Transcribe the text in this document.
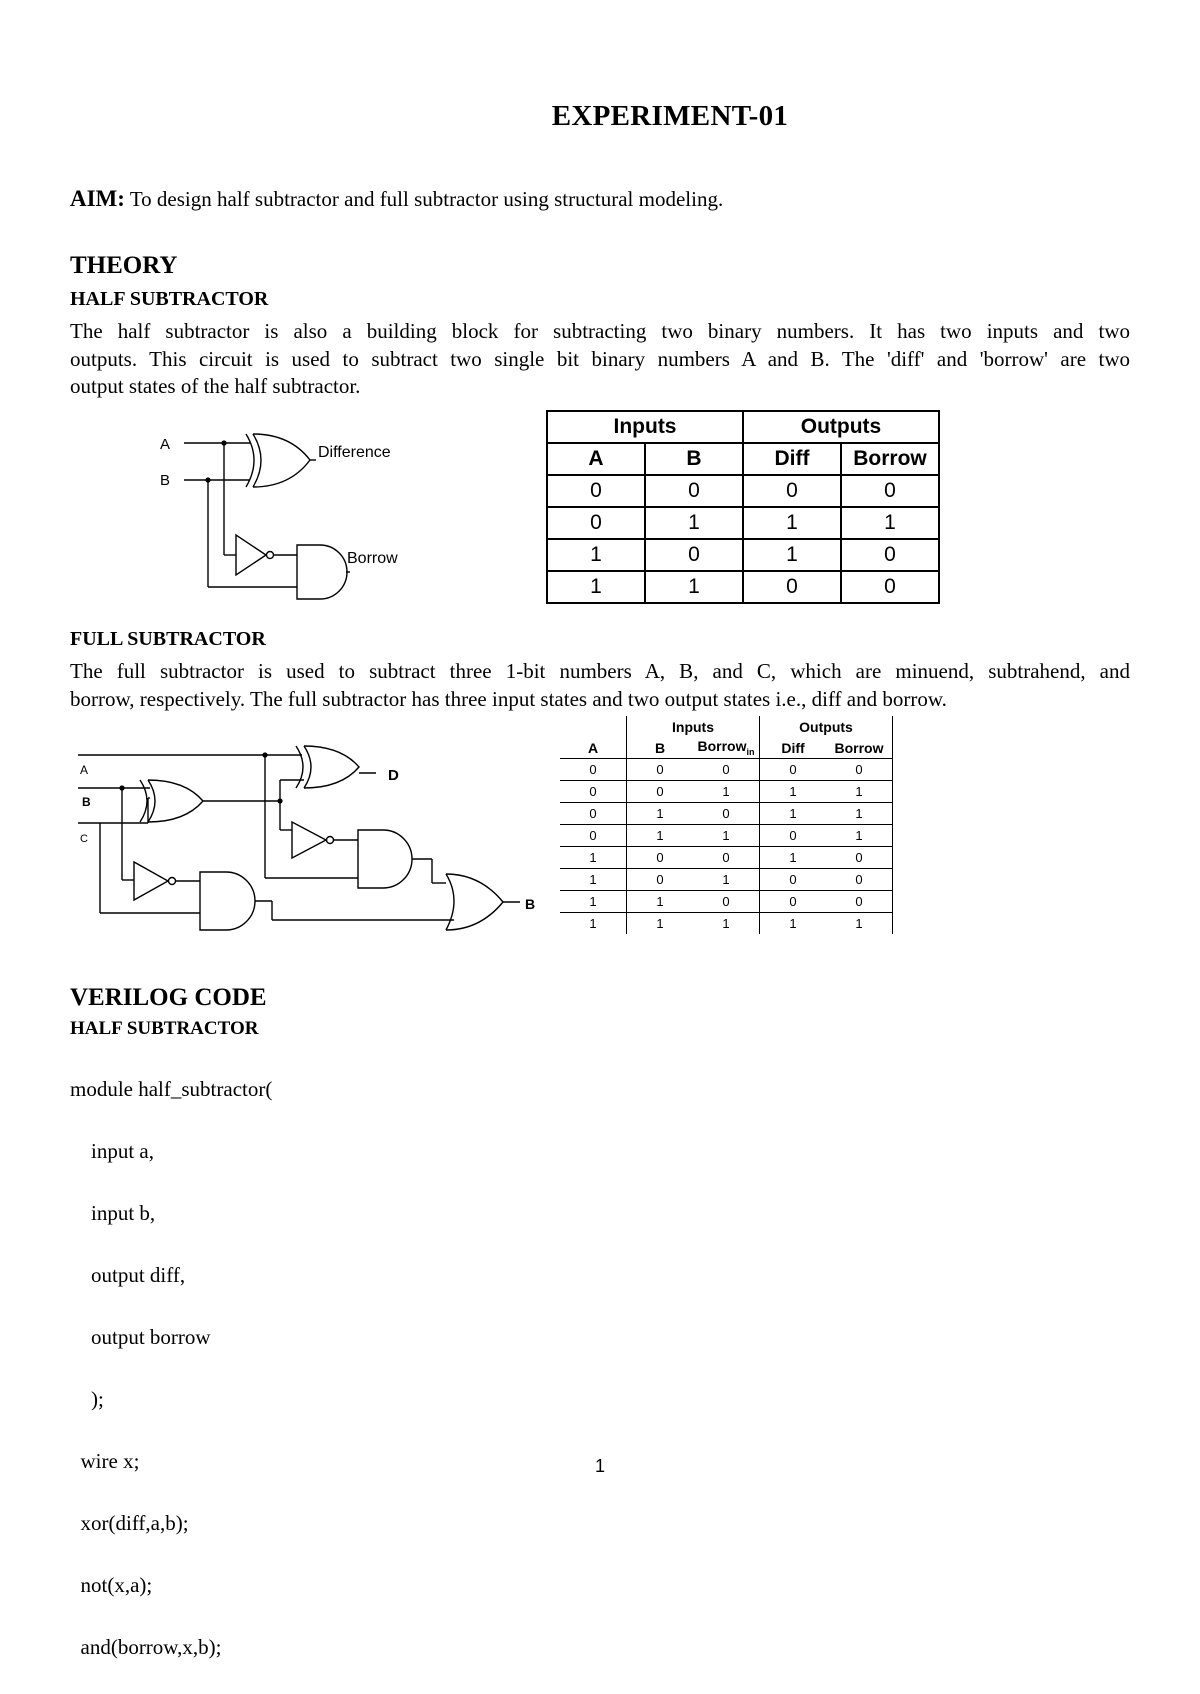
EXPERIMENT-01
AIM: To design half subtractor and full subtractor using structural modeling.
THEORY
HALF SUBTRACTOR
The half subtractor is also a building block for subtracting two binary numbers. It has two inputs and two
outputs. This circuit is used to subtract two single bit binary numbers A and B. The 'diff' and 'borrow' are two
output states of the half subtractor.
A
B
Difference
Borrow
Inputs		Outputs	
A	B	Diff	Borrow
0	0	0	0
0	1	1	1
1	0	1	0
1	1	0	0
FULL SUBTRACTOR
The full subtractor is used to subtract three 1-bit numbers A, B, and C, which are minuend, subtrahend, and
borrow, respectively. The full subtractor has three input states and two output states i.e., diff and borrow.
A
B
C
D
B
	Inputs		Outputs	
A	B	Borrow$_{in}$	Diff	Borrow
0	0	0	0	0
0	0	1	1	1
0	1	0	1	1
0	1	1	0	1
1	0	0	1	0
1	0	1	0	0
1	1	0	0	0
1	1	1	1	1
VERILOG CODE
HALF SUBTRACTOR

module half_subtractor(

input a,

input b,

output diff,

output borrow

);

wire x;

xor(diff,a,b);

not(x,a);

and(borrow,x,b);

1
